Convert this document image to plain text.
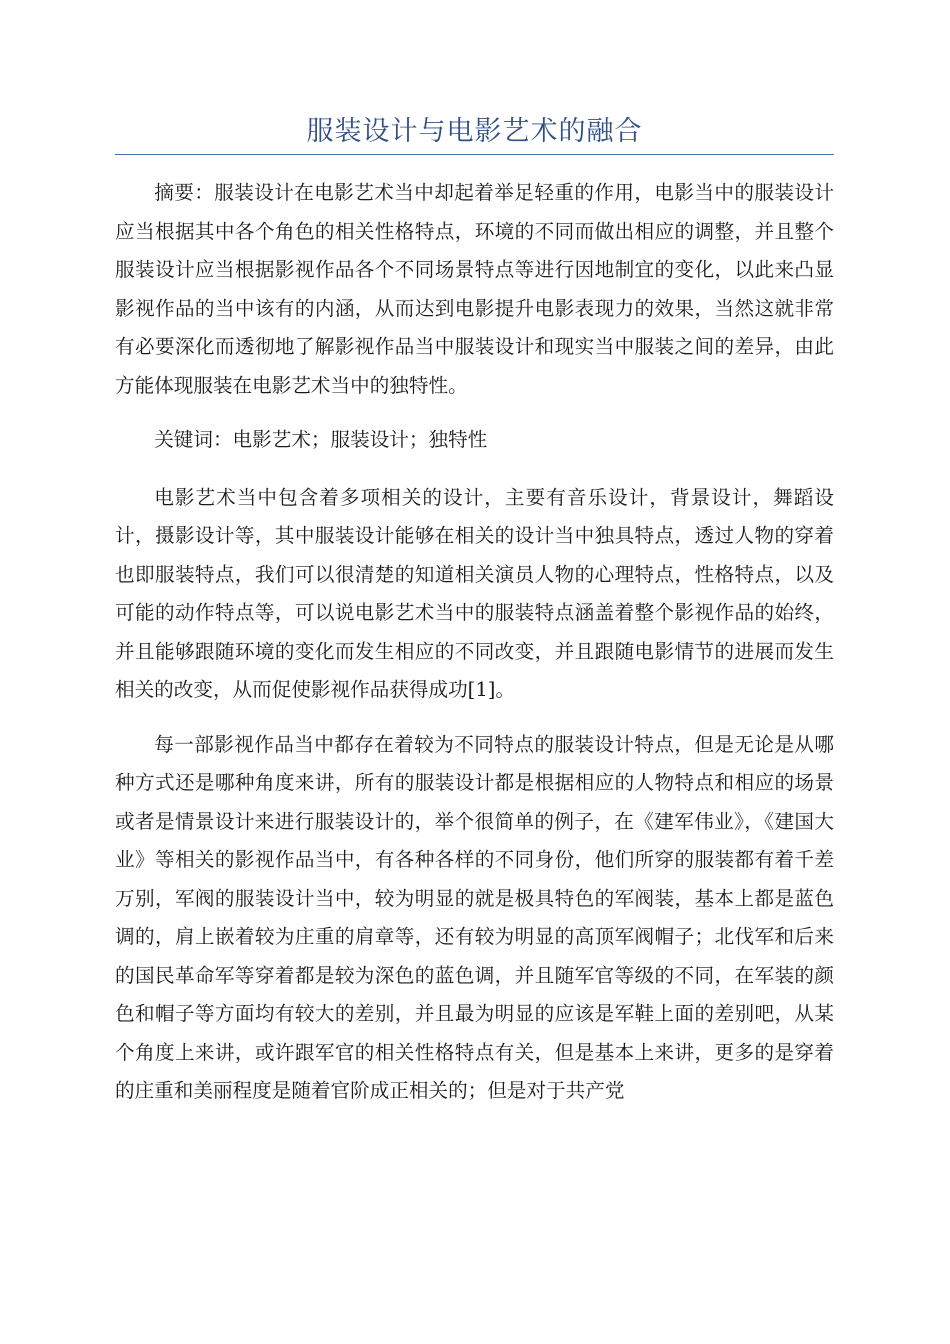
服装设计与电影艺术的融合

摘要：服装设计在电影艺术当中却起着举足轻重的作用，电影当中的服装设计应当根据其中各个角色的相关性格特点，环境的不同而做出相应的调整，并且整个服装设计应当根据影视作品各个不同场景特点等进行因地制宜的变化，以此来凸显影视作品的当中该有的内涵，从而达到电影提升电影表现力的效果，当然这就非常有必要深化而透彻地了解影视作品当中服装设计和现实当中服装之间的差异，由此方能体现服装在电影艺术当中的独特性。

关键词：电影艺术；服装设计；独特性

电影艺术当中包含着多项相关的设计，主要有音乐设计，背景设计，舞蹈设计，摄影设计等，其中服装设计能够在相关的设计当中独具特点，透过人物的穿着也即服装特点，我们可以很清楚的知道相关演员人物的心理特点，性格特点，以及可能的动作特点等，可以说电影艺术当中的服装特点涵盖着整个影视作品的始终，并且能够跟随环境的变化而发生相应的不同改变，并且跟随电影情节的进展而发生相关的改变，从而促使影视作品获得成功[1]。

每一部影视作品当中都存在着较为不同特点的服装设计特点，但是无论是从哪种方式还是哪种角度来讲，所有的服装设计都是根据相应的人物特点和相应的场景或者是情景设计来进行服装设计的，举个很简单的例子，在《建军伟业》，《建国大业》等相关的影视作品当中，有各种各样的不同身份，他们所穿的服装都有着千差万别，军阀的服装设计当中，较为明显的就是极具特色的军阀装，基本上都是蓝色调的，肩上嵌着较为庄重的肩章等，还有较为明显的高顶军阀帽子；北伐军和后来的国民革命军等穿着都是较为深色的蓝色调，并且随军官等级的不同，在军装的颜色和帽子等方面均有较大的差别，并且最为明显的应该是军鞋上面的差别吧，从某个角度上来讲，或许跟军官的相关性格特点有关，但是基本上来讲，更多的是穿着的庄重和美丽程度是随着官阶成正相关的；但是对于共产党
